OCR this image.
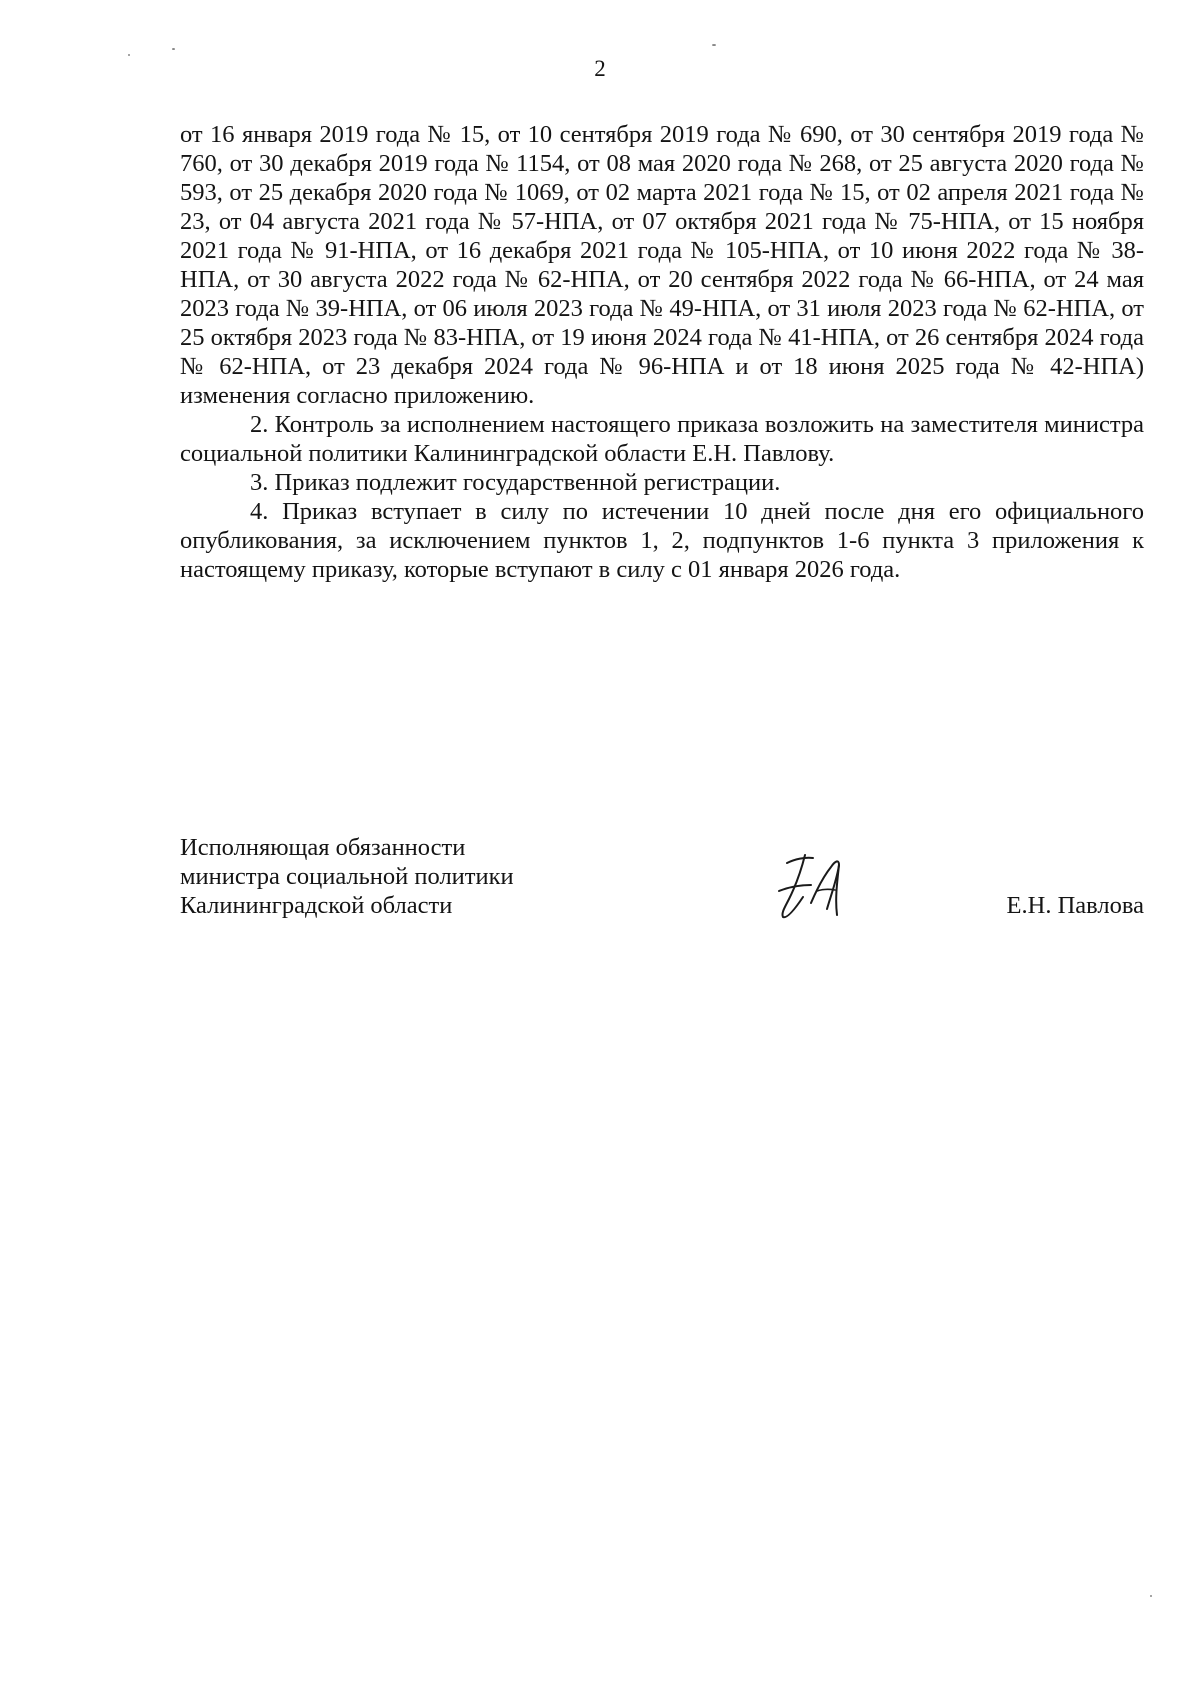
2

от 16 января 2019 года № 15, от 10 сентября 2019 года № 690, от 30 сентября 2019 года № 760, от 30 декабря 2019 года № 1154, от 08 мая 2020 года № 268, от 25 августа 2020 года № 593, от 25 декабря 2020 года № 1069, от 02 марта 2021 года № 15, от 02 апреля 2021 года № 23, от 04 августа 2021 года № 57-НПА, от 07 октября 2021 года № 75-НПА, от 15 ноября 2021 года № 91-НПА, от 16 декабря 2021 года № 105-НПА, от 10 июня 2022 года № 38-НПА, от 30 августа 2022 года № 62-НПА, от 20 сентября 2022 года № 66-НПА, от 24 мая 2023 года № 39-НПА, от 06 июля 2023 года № 49-НПА, от 31 июля 2023 года № 62-НПА, от 25 октября 2023 года № 83-НПА, от 19 июня 2024 года № 41-НПА, от 26 сентября 2024 года № 62-НПА, от 23 декабря 2024 года № 96-НПА и от 18 июня 2025 года № 42-НПА) изменения согласно приложению.

2. Контроль за исполнением настоящего приказа возложить на заместителя министра социальной политики Калининградской области Е.Н. Павлову.

3. Приказ подлежит государственной регистрации.

4. Приказ вступает в силу по истечении 10 дней после дня его официального опубликования, за исключением пунктов 1, 2, подпунктов 1-6 пункта 3 приложения к настоящему приказу, которые вступают в силу с 01 января 2026 года.

Исполняющая обязанности
министра социальной политики
Калининградской области	Е.Н. Павлова
